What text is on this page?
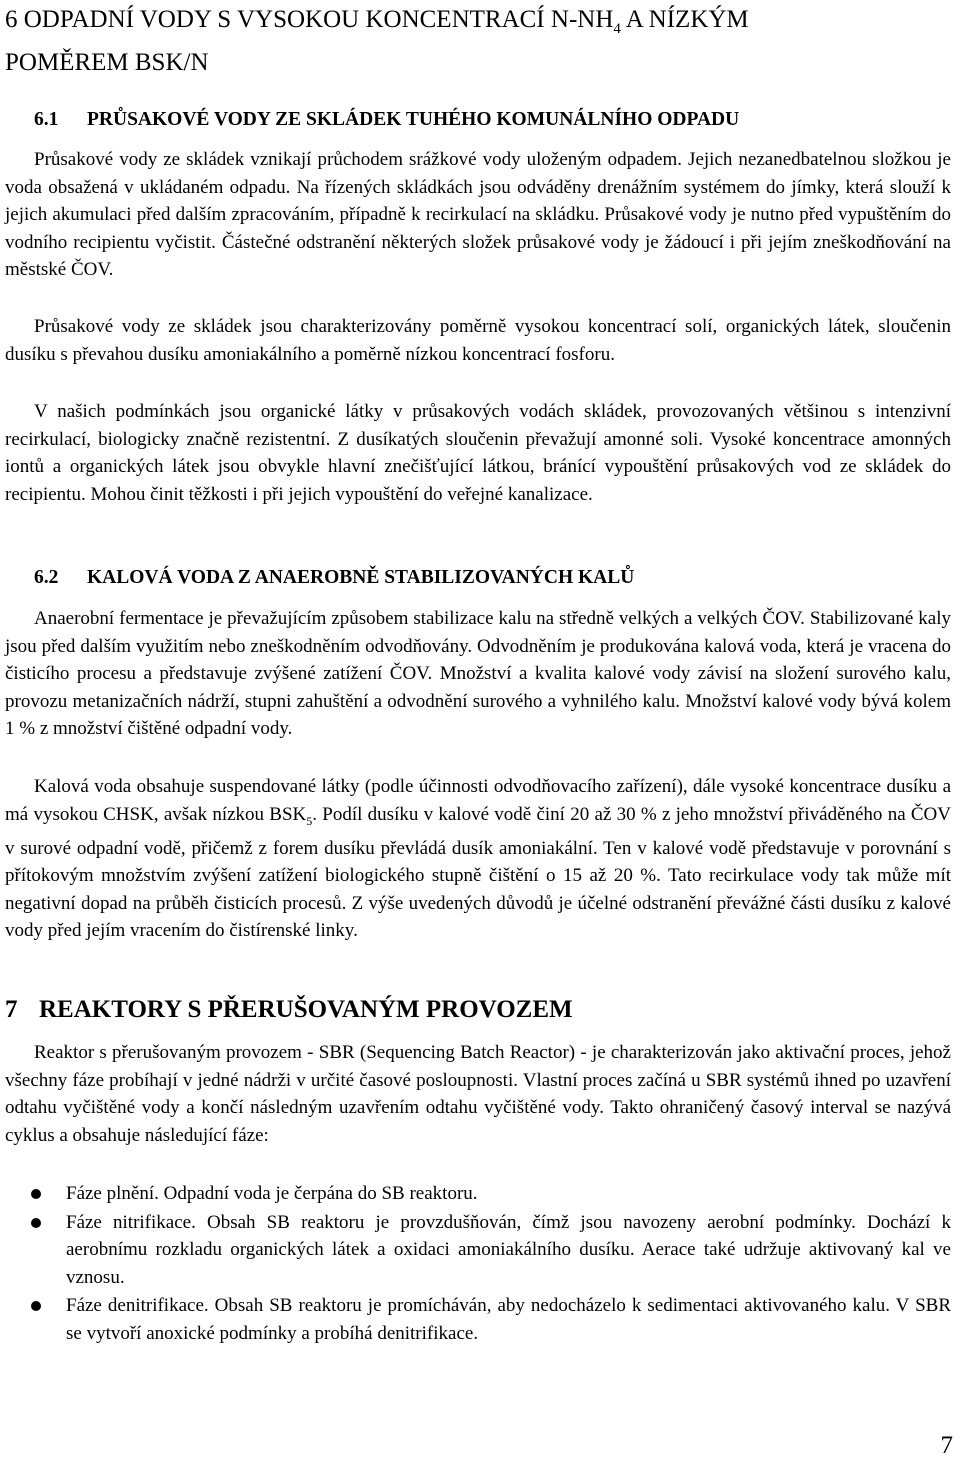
6 ODPADNÍ VODY S VYSOKOU KONCENTRACÍ $N-NH_4$ A NÍZKÝM
POMĚREM BSK/N
6.1 PRŮSAKOVÉ VODY ZE SKLÁDEK TUHÉHO KOMUNÁLNÍHO ODPADU

Průsakové vody ze skládek vznikají průchodem srážkové vody uloženým odpadem. Jejich nezanedbatelnou složkou je voda obsažená v ukládaném odpadu. Na řízených skládkách jsou odváděny drenážním systémem do jímky, která slouží k jejich akumulaci před dalším zpracováním, případně k recirkulací na skládku. Průsakové vody je nutno před vypuštěním do vodního recipientu vyčistit. Částečné odstranění některých složek průsakové vody je žádoucí i při jejím zneškodňování na městské ČOV.

Průsakové vody ze skládek jsou charakterizovány poměrně vysokou koncentrací solí, organických látek, sloučenin dusíku s převahou dusíku amoniakálního a poměrně nízkou koncentrací fosforu.

V našich podmínkách jsou organické látky v průsakových vodách skládek, provozovaných většinou s intenzivní recirkulací, biologicky značně rezistentní. Z dusíkatých sloučenin převažují amonné soli. Vysoké koncentrace amonných iontů a organických látek jsou obvykle hlavní znečišťující látkou, bránící vypouštění průsakových vod ze skládek do recipientu. Mohou činit těžkosti i při jejich vypouštění do veřejné kanalizace.

6.2 KALOVÁ VODA Z ANAEROBNĚ STABILIZOVANÝCH KALŮ

Anaerobní fermentace je převažujícím způsobem stabilizace kalu na středně velkých a velkých ČOV. Stabilizované kaly jsou před dalším využitím nebo zneškodněním odvodňovány. Odvodněním je produkována kalová voda, která je vracena do čisticího procesu a představuje zvýšené zatížení ČOV. Množství a kvalita kalové vody závisí na složení surového kalu, provozu metanizačních nádrží, stupni zahuštění a odvodnění surového a vyhnilého kalu. Množství kalové vody bývá kolem 1 % z množství čištěné odpadní vody.

Kalová voda obsahuje suspendované látky (podle účinnosti odvodňovacího zařízení), dále vysoké koncentrace dusíku a má vysokou CHSK, avšak nízkou $BSK_5$. Podíl dusíku v kalové vodě činí 20 až 30 % z jeho množství přiváděného na ČOV v surové odpadní vodě, přičemž z forem dusíku převládá dusík amoniakální. Ten v kalové vodě představuje v porovnání s přítokovým množstvím zvýšení zatížení biologického stupně čištění o 15 až 20 %. Tato recirkulace vody tak může mít negativní dopad na průběh čisticích procesů. Z výše uvedených důvodů je účelné odstranění převážné části dusíku z kalové vody před jejím vracením do čistírenské linky.

7 REAKTORY S PŘERUŠOVANÝM PROVOZEM

Reaktor s přerušovaným provozem - SBR (Sequencing Batch Reactor) - je charakterizován jako aktivační proces, jehož všechny fáze probíhají v jedné nádrži v určité časové posloupnosti. Vlastní proces začíná u SBR systémů ihned po uzavření odtahu vyčištěné vody a končí následným uzavřením odtahu vyčištěné vody. Takto ohraničený časový interval se nazývá cyklus a obsahuje následující fáze:

Fáze plnění. Odpadní voda je čerpána do SB reaktoru.
Fáze nitrifikace. Obsah SB reaktoru je provzdušňován, čímž jsou navozeny aerobní podmínky. Dochází k aerobnímu rozkladu organických látek a oxidaci amoniakálního dusíku. Aerace také udržuje aktivovaný kal ve vznosu.
Fáze denitrifikace. Obsah SB reaktoru je promícháván, aby nedocházelo k sedimentaci aktivovaného kalu. V SBR se vytvoří anoxické podmínky a probíhá denitrifikace.
7
